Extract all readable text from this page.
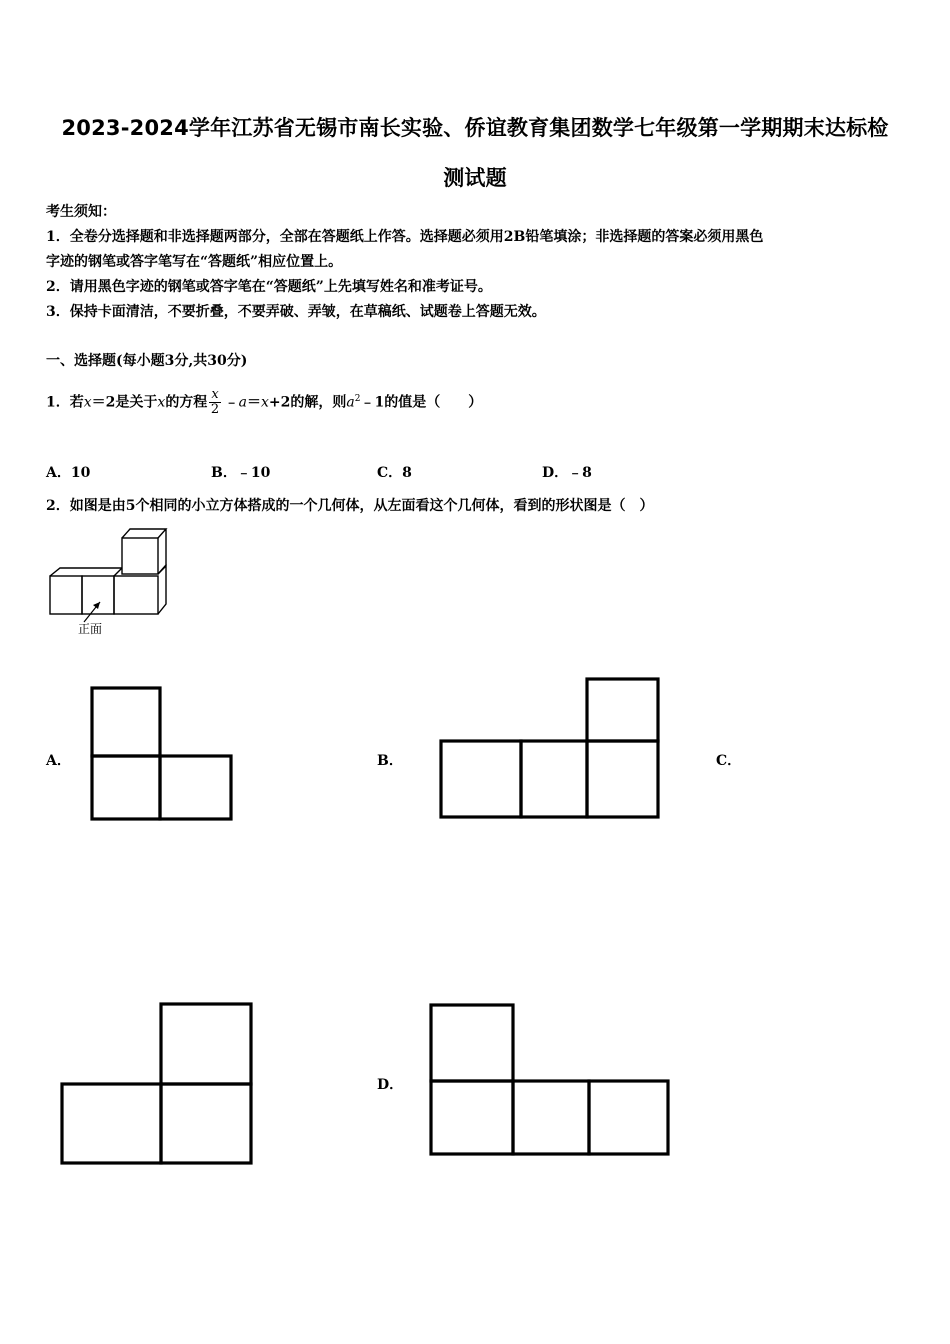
2023-2024学年江苏省无锡市南长实验、侨谊教育集团数学七年级第一学期期末达标检
测试题

考生须知：

1．全卷分选择题和非选择题两部分，全部在答题纸上作答。选择题必须用2B铅笔填涂；非选择题的答案必须用黑色

字迹的钢笔或答字笔写在“答题纸”相应位置上。

2．请用黑色字迹的钢笔或答字笔在“答题纸”上先填写姓名和准考证号。

3．保持卡面清洁，不要折叠，不要弄破、弄皱，在草稿纸、试题卷上答题无效。

一、选择题(每小题3分,共30分)
1．若x＝2是关于x的方程 $\frac{x}{2}$ ﹣a＝x+2的解，则$a^2﹣1$的值是（　　）
A．10	B．﹣10	C．8	D．﹣8
2．如图是由5个相同的小立方体搭成的一个几何体，从左面看这个几何体，看到的形状图是（　）
正面
A．	B．	C．
D．
